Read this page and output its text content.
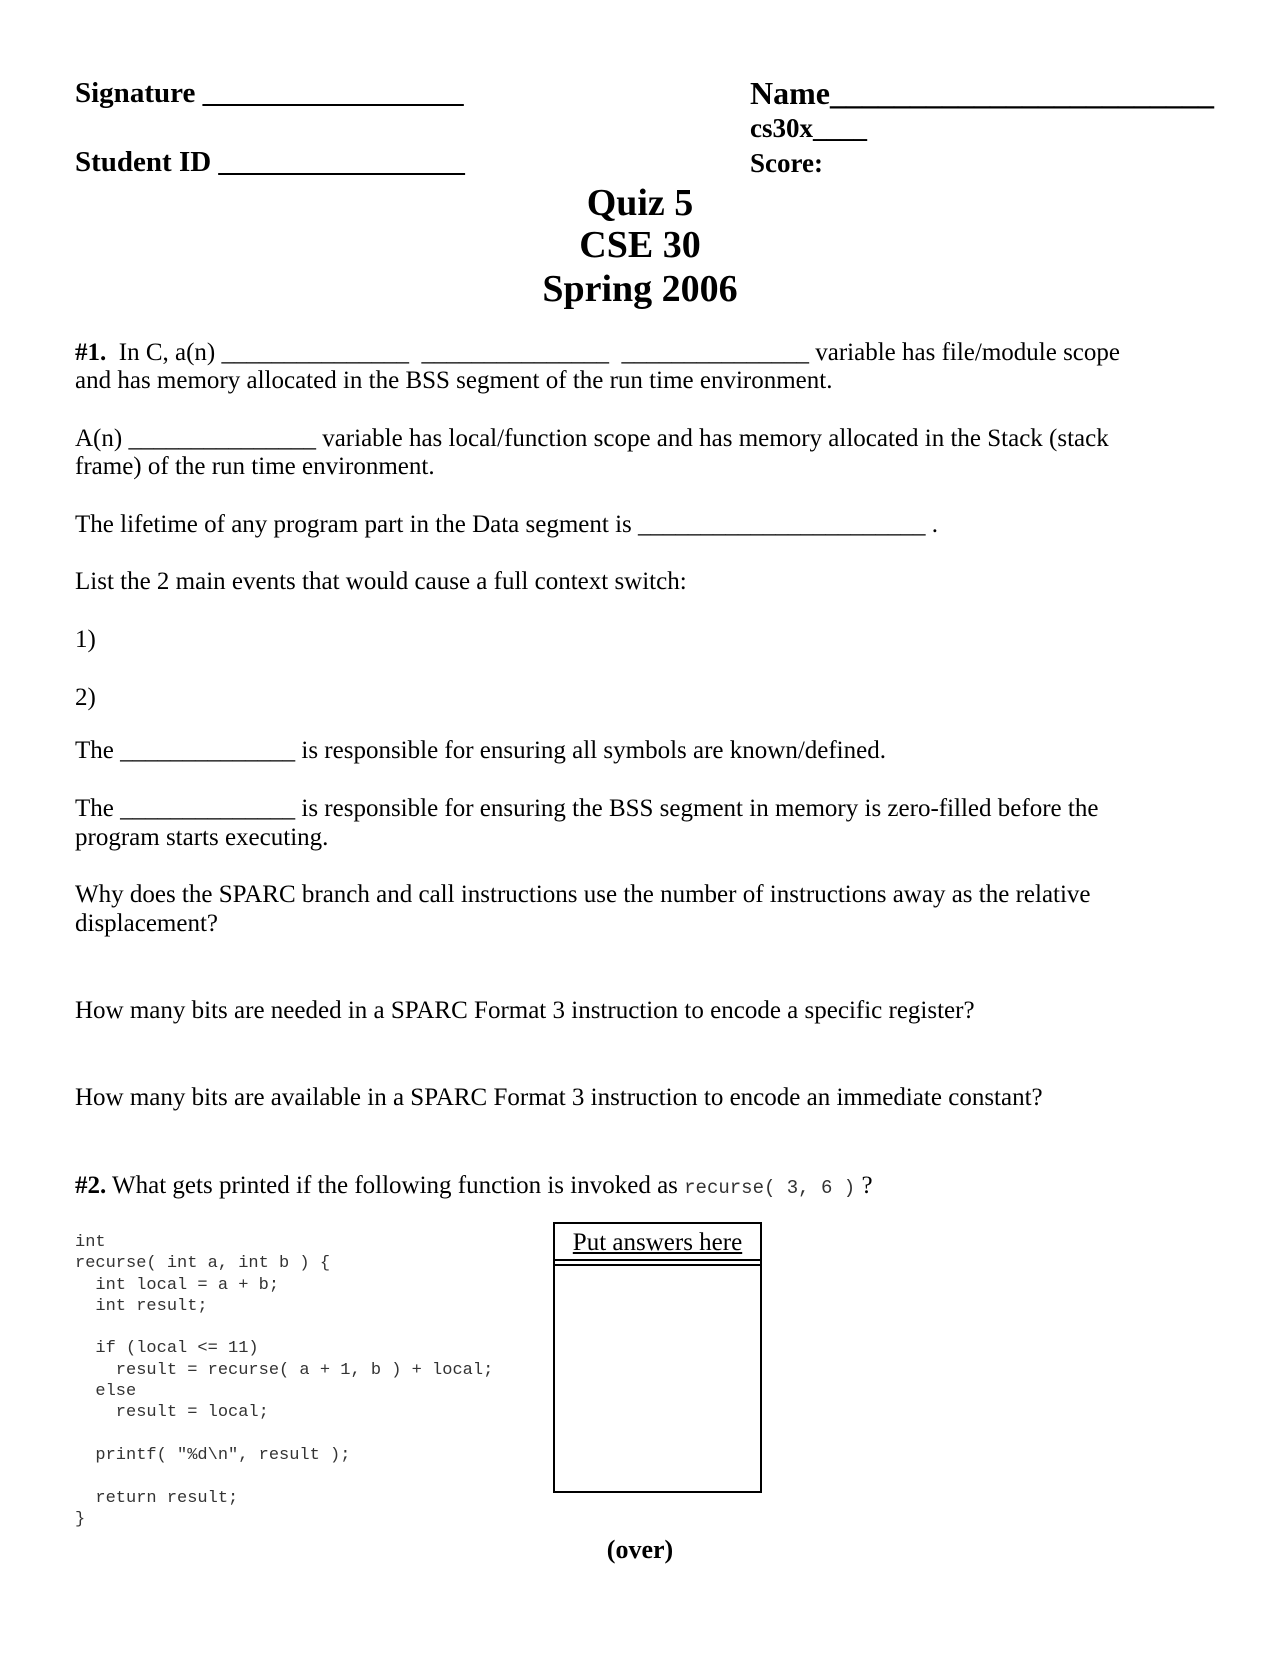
Signature __________________
Student ID _________________
Name________________________
cs30x____
Score:
Quiz 5
CSE 30
Spring 2006
#1.  In C, a(n) _______________  _______________  _______________ variable has file/module scope
and has memory allocated in the BSS segment of the run time environment.
A(n) _______________ variable has local/function scope and has memory allocated in the Stack (stack
frame) of the run time environment.
The lifetime of any program part in the Data segment is _______________________ .
List the 2 main events that would cause a full context switch:
1)
2)
The ______________ is responsible for ensuring all symbols are known/defined.
The ______________ is responsible for ensuring the BSS segment in memory is zero-filled before the
program starts executing.
Why does the SPARC branch and call instructions use the number of instructions away as the relative
displacement?
How many bits are needed in a SPARC Format 3 instruction to encode a specific register?
How many bits are available in a SPARC Format 3 instruction to encode an immediate constant?
#2. What gets printed if the following function is invoked as recurse( 3, 6 ) ?
int
recurse( int a, int b ) {
int local = a + b;
int result;
if (local <= 11)
result = recurse( a + 1, b ) + local;
else
result = local;
printf( "%d\n", result );
return result;
}
Put answers here
(over)
